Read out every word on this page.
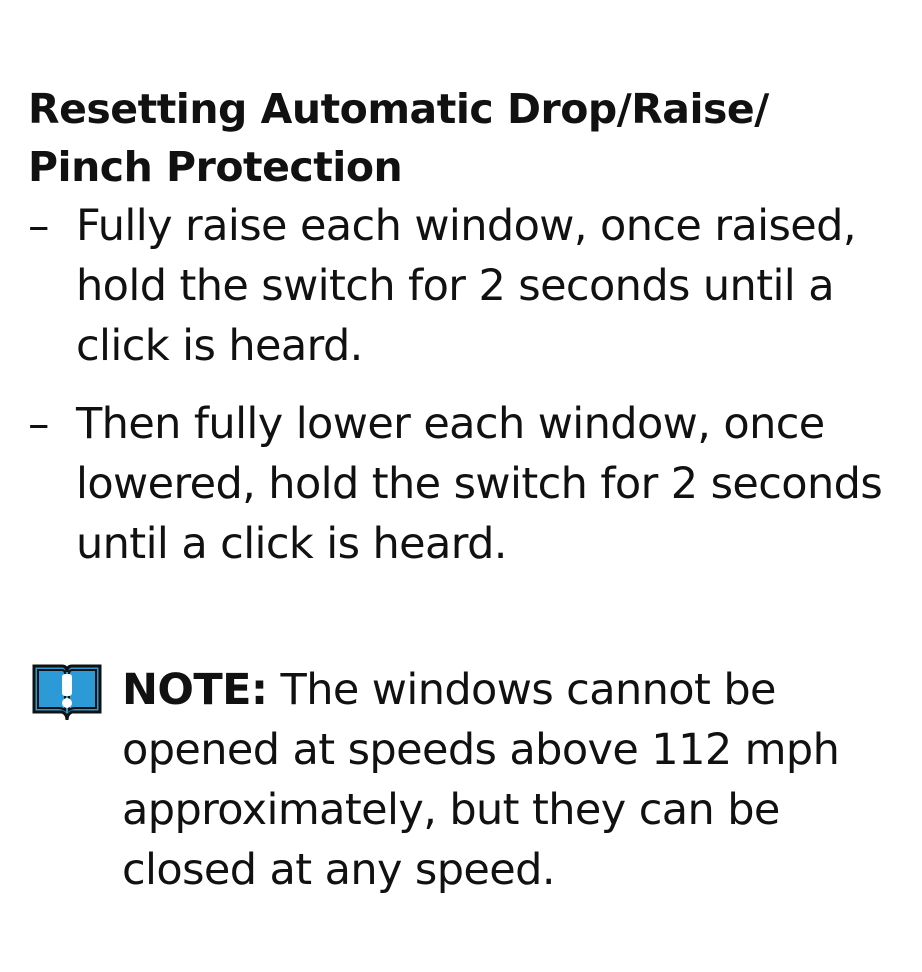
Resetting Automatic Drop/Raise/ Pinch Protection
– Fully raise each window, once raised, hold the switch for 2 seconds until a click is heard.
– Then fully lower each window, once lowered, hold the switch for 2 seconds until a click is heard.

NOTE: The windows cannot be opened at speeds above 112 mph approximately, but they can be closed at any speed.
